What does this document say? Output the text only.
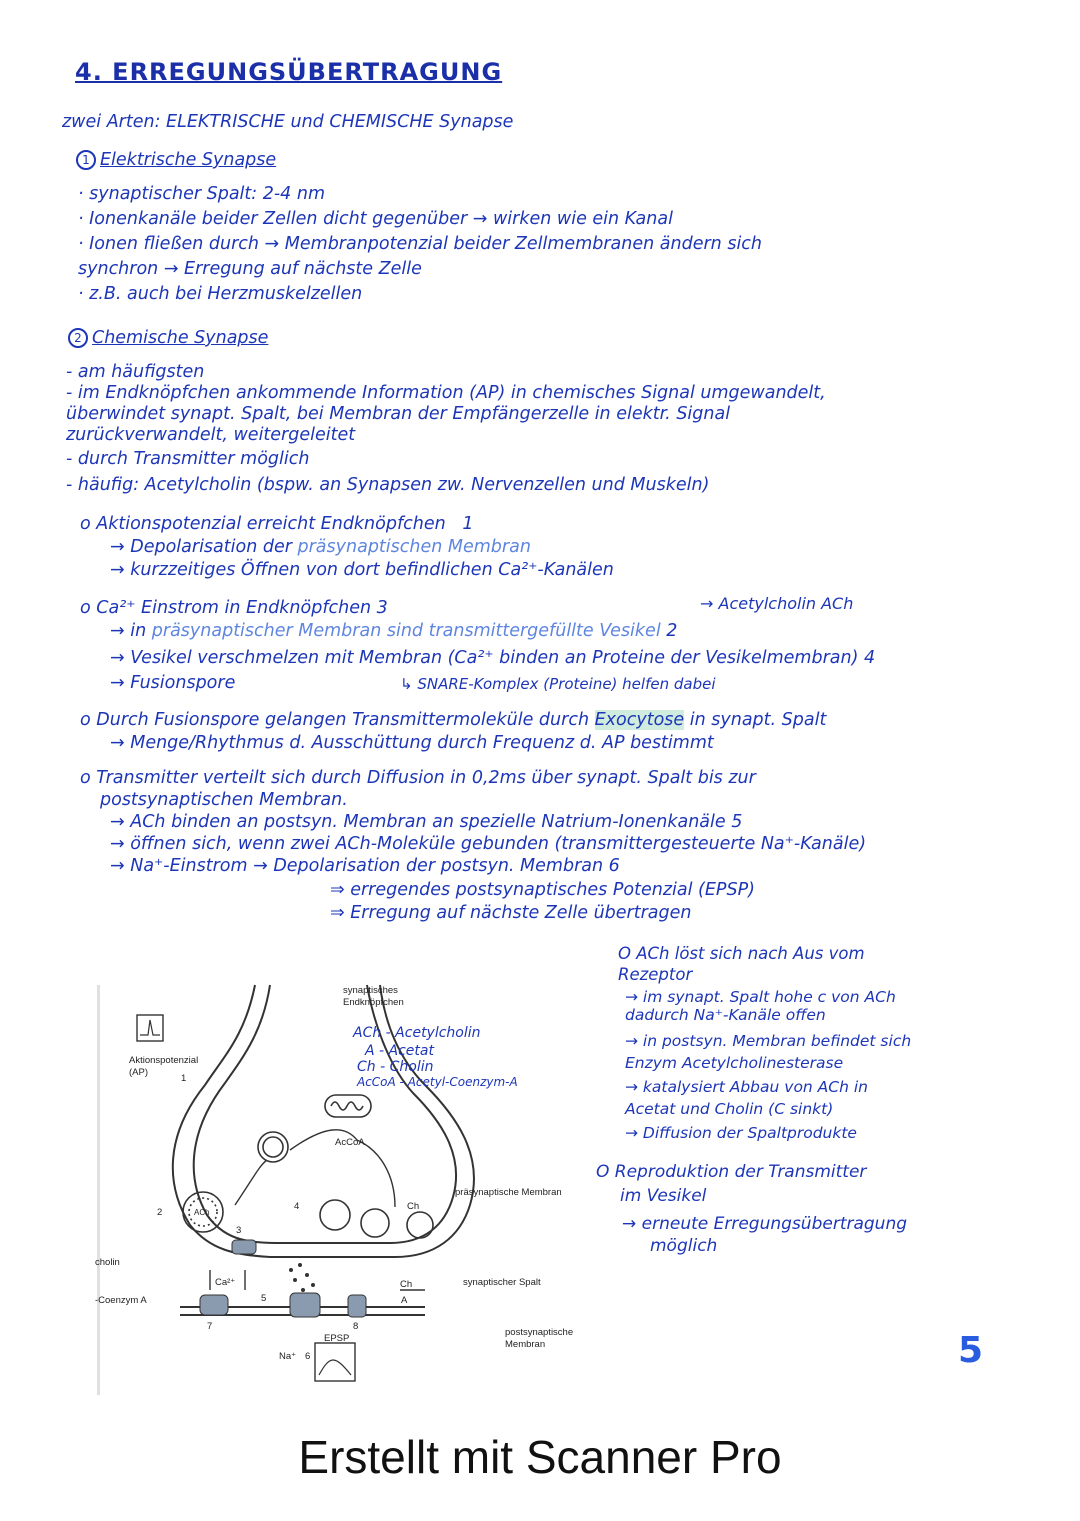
4. ERREGUNGSÜBERTRAGUNG
zwei Arten: ELEKTRISCHE und CHEMISCHE Synapse
1 Elektrische Synapse
· synaptischer Spalt: 2-4 nm
· Ionenkanäle beider Zellen dicht gegenüber → wirken wie ein Kanal
· Ionen fließen durch → Membranpotenzial beider Zellmembranen ändern sich
synchron → Erregung auf nächste Zelle
· z.B. auch bei Herzmuskelzellen
2 Chemische Synapse
- am häufigsten
- im Endknöpfchen ankommende Information (AP) in chemisches Signal umgewandelt,
überwindet synapt. Spalt, bei Membran der Empfängerzelle in elektr. Signal
zurückverwandelt, weitergeleitet
- durch Transmitter möglich
- häufig: Acetylcholin (bspw. an Synapsen zw. Nervenzellen und Muskeln)
o Aktionspotenzial erreicht Endknöpfchen 1
→ Depolarisation der präsynaptischen Membran
→ kurzzeitiges Öffnen von dort befindlichen Ca²⁺-Kanälen
o Ca²⁺ Einstrom in Endknöpfchen 3	→ Acetylcholin ACh
→ in präsynaptischer Membran sind transmittergefüllte Vesikel 2
→ Vesikel verschmelzen mit Membran (Ca²⁺ binden an Proteine der Vesikelmembran) 4
→ Fusionspore	↳ SNARE-Komplex (Proteine) helfen dabei
o Durch Fusionspore gelangen Transmittermoleküle durch Exocytose in synapt. Spalt
→ Menge/Rhythmus d. Ausschüttung durch Frequenz d. AP bestimmt
o Transmitter verteilt sich durch Diffusion in 0,2ms über synapt. Spalt bis zur
postsynaptischen Membran.
→ ACh binden an postsyn. Membran an spezielle Natrium-Ionenkanäle 5
→ öffnen sich, wenn zwei ACh-Moleküle gebunden (transmittergesteuerte Na⁺-Kanäle)
→ Na⁺-Einstrom → Depolarisation der postsyn. Membran 6
⇒ erregendes postsynaptisches Potenzial (EPSP)
⇒ Erregung auf nächste Zelle übertragen
O ACh löst sich nach Aus vom
Rezeptor
→ im synapt. Spalt hohe c von ACh
dadurch Na⁺-Kanäle offen
→ in postsyn. Membran befindet sich
Enzym Acetylcholinesterase
→ katalysiert Abbau von ACh in
Acetat und Cholin (C sinkt)
→ Diffusion der Spaltprodukte
O Reproduktion der Transmitter
im Vesikel
→ erneute Erregungsübertragung
möglich
synaptisches
Endknöpfchen
Aktionspotenzial
(AP)
ACh - Acetylcholin
A - Acetat
Ch - Cholin
AcCoA - Acetyl-Coenzym-A
AcCoA
präsynaptische Membran
synaptischer Spalt
postsynaptische
Membran
cholin
-Coenzym A
ACh
Ch
Ch
A
Ca²⁺
Na⁺
EPSP
1
2
3
4
5
6
7	8
5
Erstellt mit Scanner Pro
